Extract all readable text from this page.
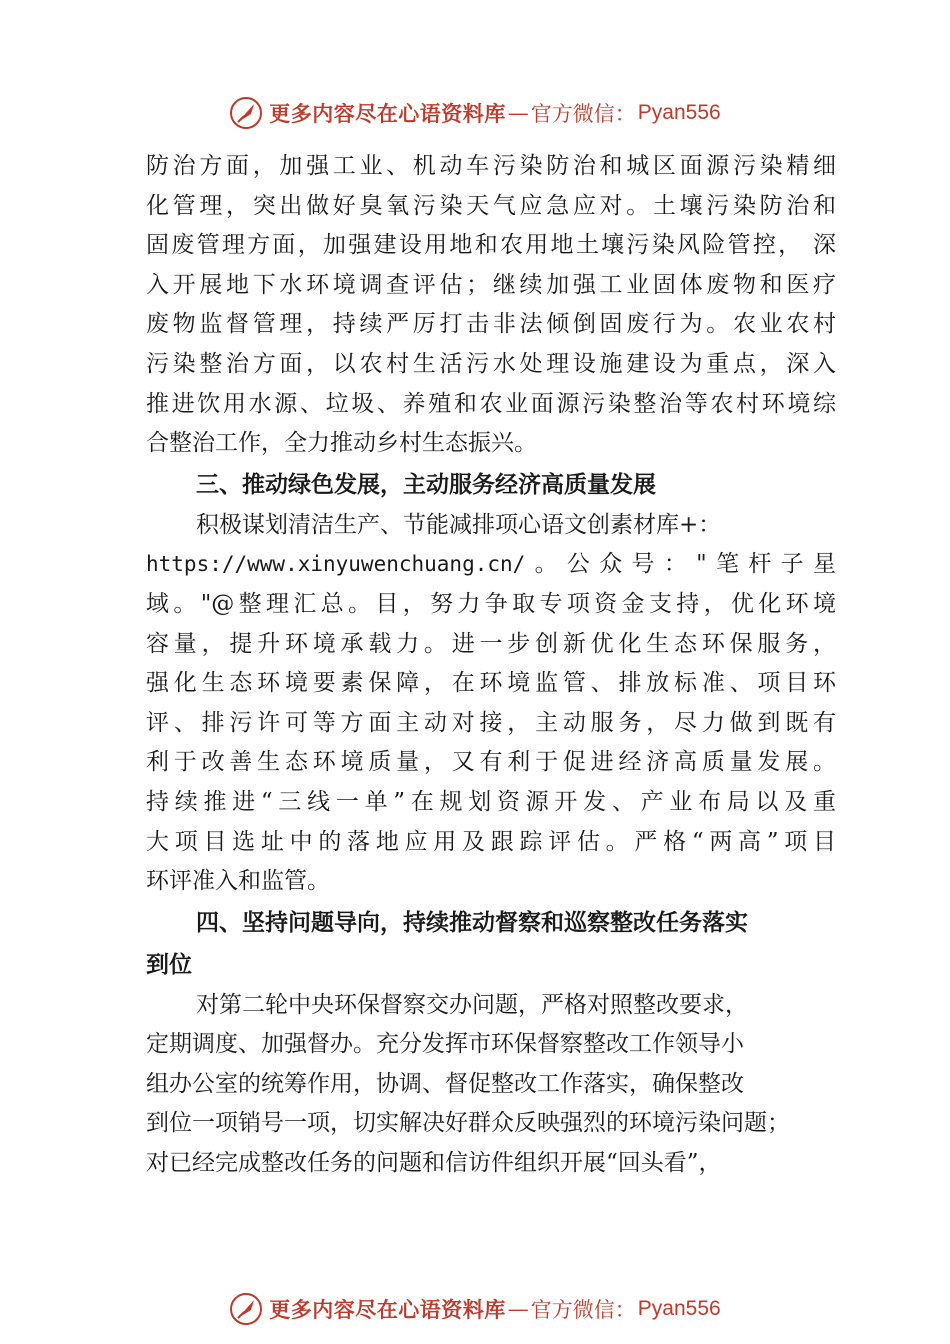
更多内容尽在心语资料库 — 官方微信： Pyan556
防治方面，加强工业、机动车污染防治和城区面源污染精细
化管理，突出做好臭氧污染天气应急应对。土壤污染防治和
固废管理方面，加强建设用地和农用地土壤污染风险管控， 深
入开展地下水环境调查评估；继续加强工业固体废物和医疗
废物监督管理，持续严厉打击非法倾倒固废行为。农业农村
污染整治方面，以农村生活污水处理设施建设为重点，深入
推进饮用水源、垃圾、养殖和农业面源污染整治等农村环境综
合整治工作，全力推动乡村生态振兴。
三、推动绿色发展，主动服务经济高质量发展
积极谋划清洁生产、节能减排项心语文创素材库+：
https://www.xinyuwenchuang.cn/。公众号："笔杆子星
域。"@整理汇总。目，努力争取专项资金支持，优化环境
容量，提升环境承载力。进一步创新优化生态环保服务，
强化生态环境要素保障，在环境监管、排放标准、项目环
评、排污许可等方面主动对接，主动服务，尽力做到既有
利于改善生态环境质量，又有利于促进经济高质量发展。
持续推进“三线一单”在规划资源开发、产业布局以及重
大项目选址中的落地应用及跟踪评估。严格“两高”项目
环评准入和监管。
四、坚持问题导向，持续推动督察和巡察整改任务落实
到位
对第二轮中央环保督察交办问题，严格对照整改要求，
定期调度、加强督办。充分发挥市环保督察整改工作领导小
组办公室的统筹作用，协调、督促整改工作落实，确保整改
到位一项销号一项，切实解决好群众反映强烈的环境污染问题；
对已经完成整改任务的问题和信访件组织开展“回头看”，
更多内容尽在心语资料库 — 官方微信： Pyan556
